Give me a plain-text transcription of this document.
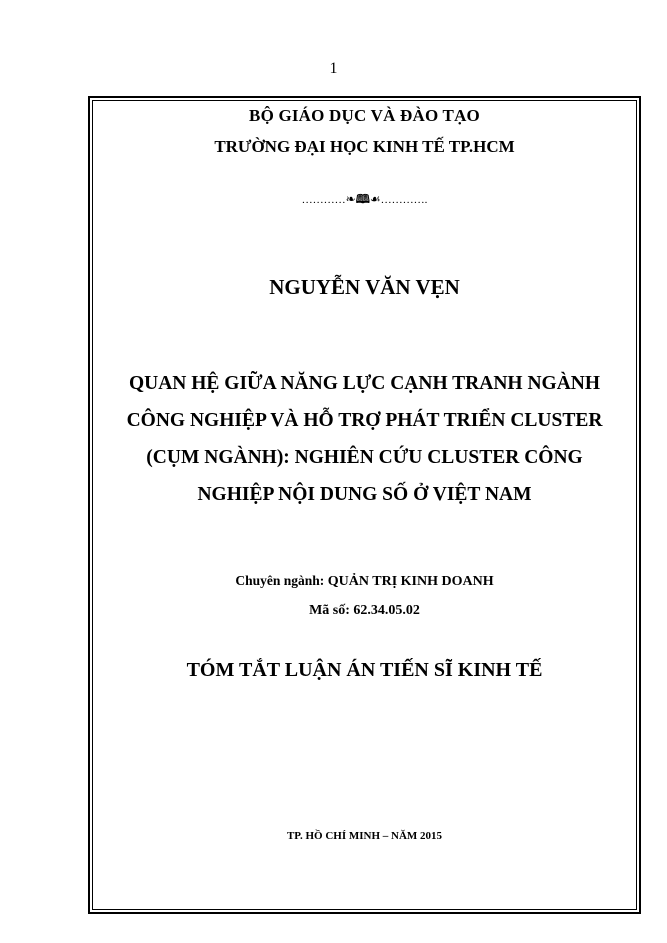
1
BỘ GIÁO DỤC VÀ ĐÀO TẠO
TRƯỜNG ĐẠI HỌC KINH TẾ TP.HCM
…………❧🕮☙………….
NGUYỄN VĂN VẸN
QUAN HỆ GIỮA NĂNG LỰC CẠNH TRANH NGÀNH
CÔNG NGHIỆP VÀ HỖ TRỢ PHÁT TRIỂN CLUSTER
(CỤM NGÀNH): NGHIÊN CỨU CLUSTER CÔNG
NGHIỆP NỘI DUNG SỐ Ở VIỆT NAM
Chuyên ngành: QUẢN TRỊ KINH DOANH
Mã số: 62.34.05.02
TÓM TẮT LUẬN ÁN TIẾN SĨ KINH TẾ
TP. HỒ CHÍ MINH – NĂM 2015
